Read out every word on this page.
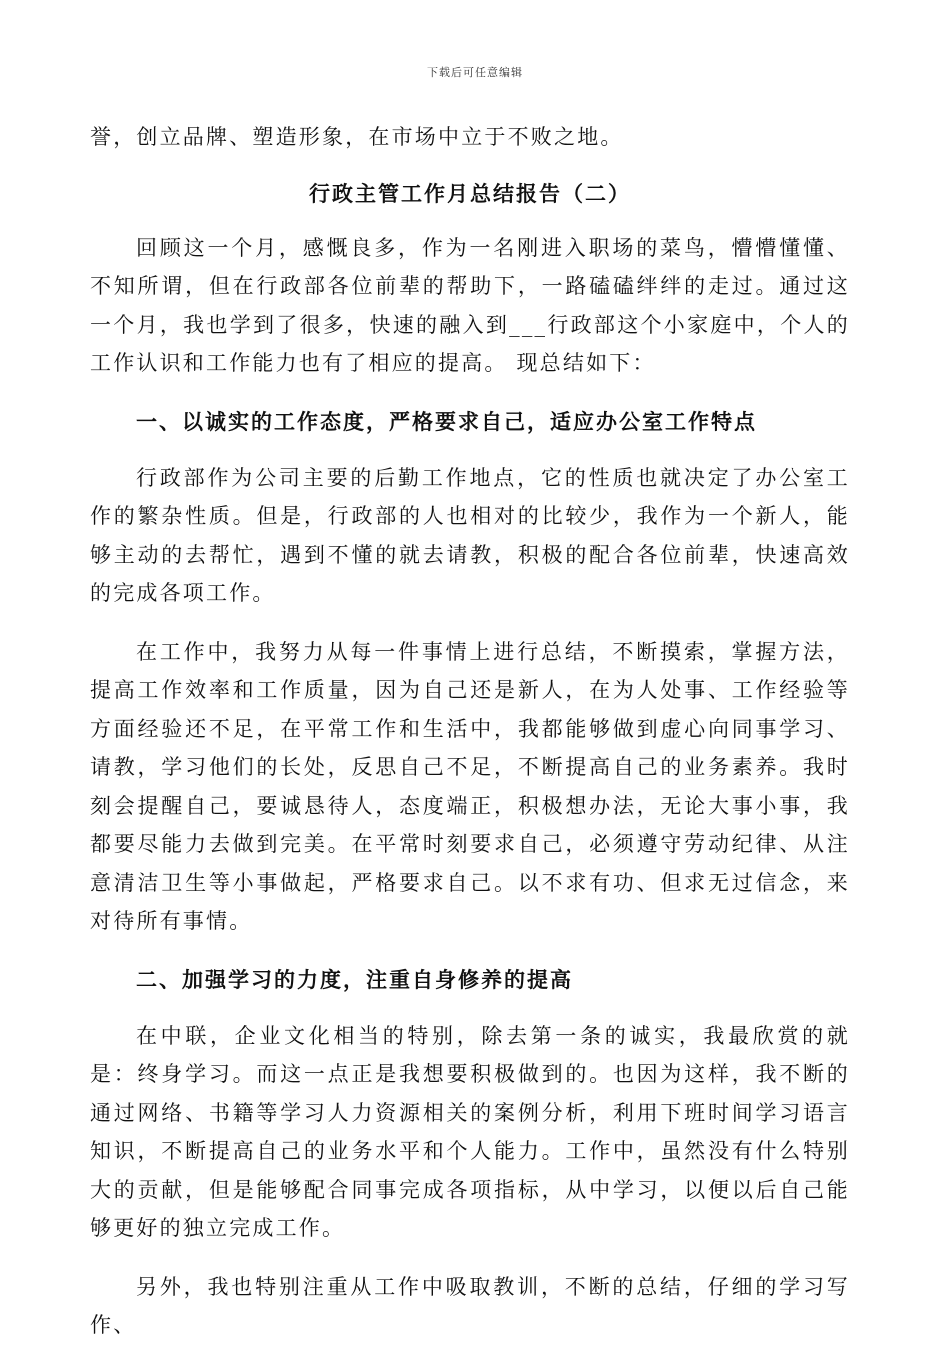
下载后可任意编辑

誉，创立品牌、塑造形象，在市场中立于不败之地。

行政主管工作月总结报告（二）

回顾这一个月，感慨良多，作为一名刚进入职场的菜鸟，懵懵懂懂、不知所谓，但在行政部各位前辈的帮助下，一路磕磕绊绊的走过。通过这一个月，我也学到了很多，快速的融入到___行政部这个小家庭中，个人的工作认识和工作能力也有了相应的提高。 现总结如下：

一、以诚实的工作态度，严格要求自己，适应办公室工作特点

行政部作为公司主要的后勤工作地点，它的性质也就决定了办公室工作的繁杂性质。但是，行政部的人也相对的比较少，我作为一个新人，能够主动的去帮忙，遇到不懂的就去请教，积极的配合各位前辈，快速高效的完成各项工作。

在工作中，我努力从每一件事情上进行总结，不断摸索，掌握方法，提高工作效率和工作质量，因为自己还是新人，在为人处事、工作经验等方面经验还不足，在平常工作和生活中，我都能够做到虚心向同事学习、请教，学习他们的长处，反思自己不足，不断提高自己的业务素养。我时刻会提醒自己，要诚恳待人，态度端正，积极想办法，无论大事小事，我都要尽能力去做到完美。在平常时刻要求自己，必须遵守劳动纪律、从注意清洁卫生等小事做起，严格要求自己。以不求有功、但求无过信念，来对待所有事情。

二、加强学习的力度，注重自身修养的提高

在中联，企业文化相当的特别，除去第一条的诚实，我最欣赏的就是：终身学习。而这一点正是我想要积极做到的。也因为这样，我不断的通过网络、书籍等学习人力资源相关的案例分析，利用下班时间学习语言知识，不断提高自己的业务水平和个人能力。工作中，虽然没有什么特别大的贡献，但是能够配合同事完成各项指标，从中学习，以便以后自己能够更好的独立完成工作。

另外，我也特别注重从工作中吸取教训，不断的总结，仔细的学习写作、
